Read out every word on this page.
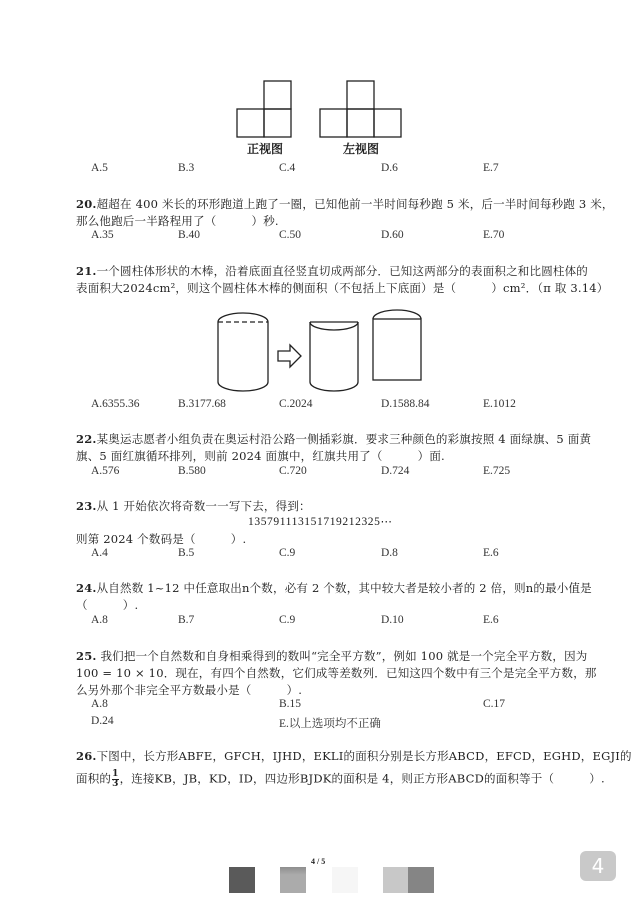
正视图	左视图
A.5	B.3	C.4	D.6	E.7
20.超超在 400 米长的环形跑道上跑了一圈，已知他前一半时间每秒跑 5 米，后一半时间每秒跑 3 米，
那么他跑后一半路程用了（　　　）秒.
A.35	B.40	C.50	D.60	E.70
21.一个圆柱体形状的木棒，沿着底面直径竖直切成两部分．已知这两部分的表面积之和比圆柱体的
表面积大2024cm²，则这个圆柱体木棒的侧面积（不包括上下底面）是（　　　）cm²．（π 取 3.14）
A.6355.36	B.3177.68	C.2024	D.1588.84	E.1012
22.某奥运志愿者小组负责在奥运村沿公路一侧插彩旗．要求三种颜色的彩旗按照 4 面绿旗、5 面黄
旗、5 面红旗循环排列，则前 2024 面旗中，红旗共用了（　　　）面.
A.576	B.580	C.720	D.724	E.725
23.从 1 开始依次将奇数一一写下去，得到：
135791113151719212325⋯
则第 2024 个数码是（　　　）.
A.4	B.5	C.9	D.8	E.6
24.从自然数 1~12 中任意取出n个数，必有 2 个数，其中较大者是较小者的 2 倍，则n的最小值是
（　　　）.
A.8	B.7	C.9	D.10	E.6
25. 我们把一个自然数和自身相乘得到的数叫“完全平方数”，例如 100 就是一个完全平方数，因为
100 = 10 × 10．现在，有四个自然数，它们成等差数列．已知这四个数中有三个是完全平方数，那
么另外那个非完全平方数最小是（　　　）.
A.8	B.15	C.17
D.24	E.以上选项均不正确
26.下图中，长方形ABFE，GFCH，IJHD，EKLI的面积分别是长方形ABCD，EFCD，EGHD，EGJI的
面积的 $\frac{1}{3}$ ，连接KB，JB，KD，ID，四边形BJDK的面积是 4，则正方形ABCD的面积等于（　　　）.
4 / 5	4
